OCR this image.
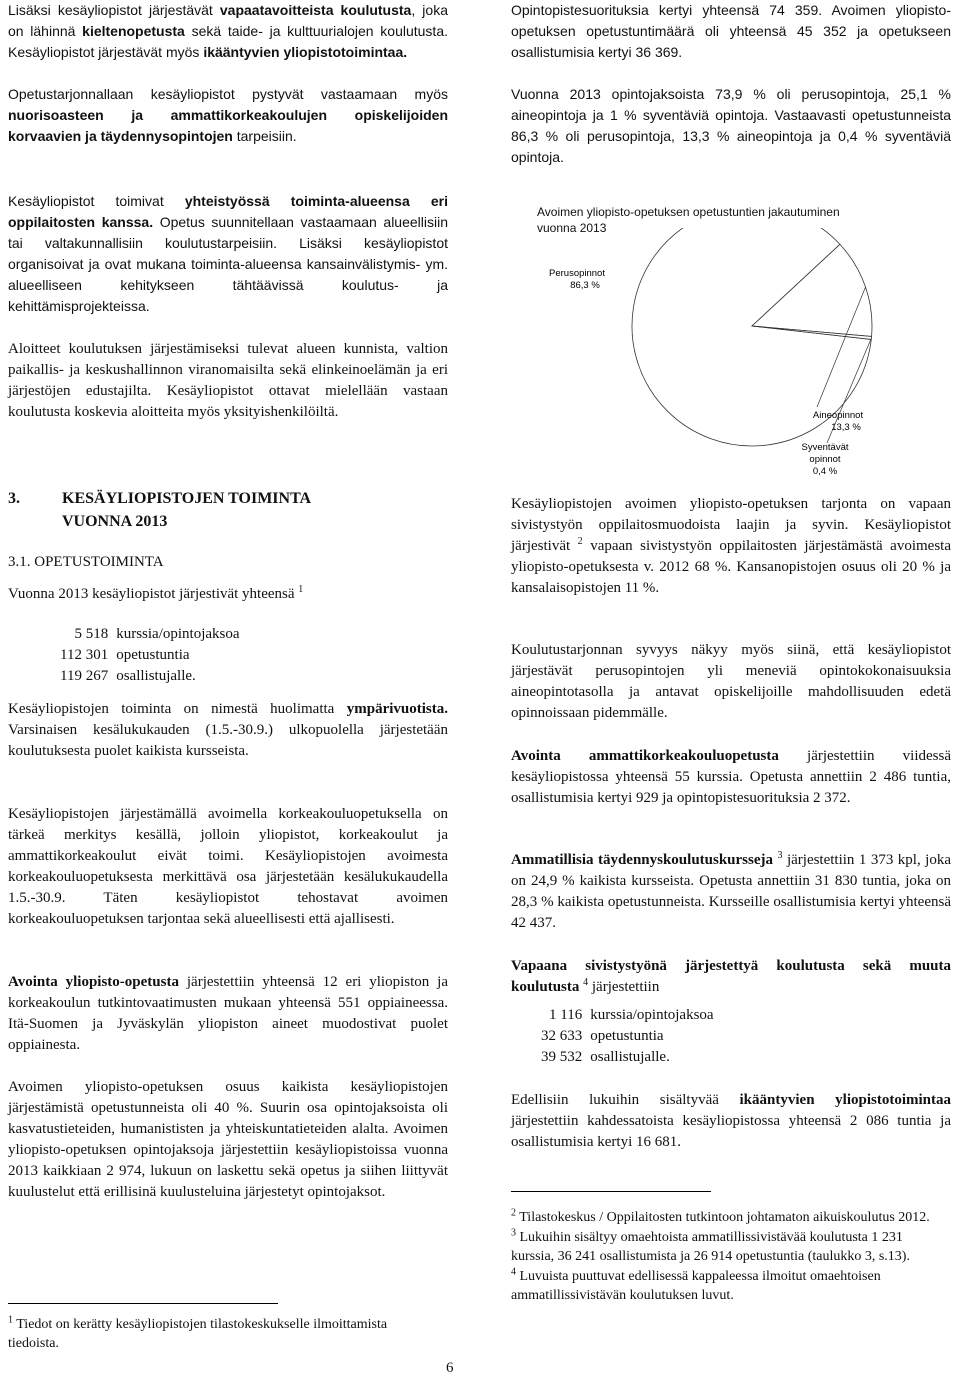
Lisäksi kesäyliopistot järjestävät vapaatavoitteista koulutusta, joka on lähinnä kieltenopetusta sekä taide- ja kulttuurialojen koulutusta. Kesäyliopistot järjestävät myös ikääntyvien yliopistotoimintaa.

Opetustarjonnallaan kesäyliopistot pystyvät vastaamaan myös nuorisoasteen ja ammattikorkeakoulujen opiskelijoiden korvaavien ja täydennysopintojen tarpeisiin.

Kesäyliopistot toimivat yhteistyössä toiminta-alueensa eri oppilaitosten kanssa. Opetus suunnitellaan vastaamaan alueellisiin tai valtakunnallisiin koulutustarpeisiin. Lisäksi kesäyliopistot organisoivat ja ovat mukana toiminta-alueensa kansainvälistymis- ym. alueelliseen kehitykseen tähtäävissä koulutus- ja kehittämisprojekteissa.

Aloitteet koulutuksen järjestämiseksi tulevat alueen kunnista, valtion paikallis- ja keskushallinnon viranomaisilta sekä elinkeinoelämän ja eri järjestöjen edustajilta. Kesäyliopistot ottavat mielellään vastaan koulutusta koskevia aloitteita myös yksityishenkilöiltä.

3.	KESÄYLIOPISTOJEN TOIMINTA
VUONNA 2013
3.1. OPETUSTOIMINTA
Vuonna 2013 kesäyliopistot järjestivät yhteensä $^1$
5 518	kurssia/opintojaksoa
112 301	opetustuntia
119 267	osallistujalle.

Kesäyliopistojen toiminta on nimestä huolimatta ympärivuotista. Varsinaisen kesälukukauden (1.5.-30.9.) ulkopuolella järjestetään koulutuksesta puolet kaikista kursseista.

Kesäyliopistojen järjestämällä avoimella korkeakouluopetuksella on tärkeä merkitys kesällä, jolloin yliopistot, korkeakoulut ja ammattikorkeakoulut eivät toimi. Kesäyliopistojen avoimesta korkeakouluopetuksesta merkittävä osa järjestetään kesälukukaudella 1.5.-30.9. Täten kesäyliopistot tehostavat avoimen korkeakouluopetuksen tarjontaa sekä alueellisesti että ajallisesti.

Avointa yliopisto-opetusta järjestettiin yhteensä 12 eri yliopiston ja korkeakoulun tutkintovaatimusten mukaan yhteensä 551 oppiaineessa. Itä-Suomen ja Jyväskylän yliopiston aineet muodostivat puolet oppiainesta.

Avoimen yliopisto-opetuksen osuus kaikista kesäyliopistojen järjestämistä opetustunneista oli 40 %. Suurin osa opintojaksoista oli kasvatustieteiden, humanististen ja yhteiskuntatieteiden alalta. Avoimen yliopisto-opetuksen opintojaksoja järjestettiin kesäyliopistoissa vuonna 2013 kaikkiaan 2 974, lukuun on laskettu sekä opetus ja siihen liittyvät kuulustelut että erillisinä kuulusteluina järjestetyt opintojaksot.

$^1$ Tiedot on kerätty kesäyliopistojen tilastokeskukselle ilmoittamista tiedoista.
6

Opintopistesuorituksia kertyi yhteensä 74 359. Avoimen yliopisto-opetuksen opetustuntimäärä oli yhteensä 45 352 ja opetukseen osallistumisia kertyi 36 369.

Vuonna 2013 opintojaksoista 73,9 % oli perusopintoja, 25,1 % aineopintoja ja 1 % syventäviä opintoja. Vastaavasti opetustunneista 86,3 % oli perusopintoja, 13,3 % aineopintoja ja 0,4 % syventäviä opintoja.

Avoimen yliopisto-opetuksen opetustuntien jakautuminen vuonna 2013
Perusopinnot 86,3 %
Aineopinnot 13,3 %
Syventävät opinnot 0,4 %

Kesäyliopistojen avoimen yliopisto-opetuksen tarjonta on vapaan sivistystyön oppilaitosmuodoista laajin ja syvin. Kesäyliopistot järjestivät $^2$ vapaan sivistystyön oppilaitosten järjestämästä avoimesta yliopisto-opetuksesta v. 2012 68 %. Kansanopistojen osuus oli 20 % ja kansalaisopistojen 11 %.

Koulutustarjonnan syvyys näkyy myös siinä, että kesäyliopistot järjestävät perusopintojen yli meneviä opintokokonaisuuksia aineopintotasolla ja antavat opiskelijoille mahdollisuuden edetä opinnoissaan pidemmälle.

Avointa ammattikorkeakouluopetusta järjestettiin viidessä kesäyliopistossa yhteensä 55 kurssia. Opetusta annettiin 2 486 tuntia, osallistumisia kertyi 929 ja opintopistesuorituksia 2 372.

Ammatillisia täydennyskoulutuskursseja $^3$ järjestettiin 1 373 kpl, joka on 24,9 % kaikista kursseista. Opetusta annettiin 31 830 tuntia, joka on 28,3 % kaikista opetustunneista. Kursseille osallistumisia kertyi yhteensä 42 437.

Vapaana sivistystyönä järjestettyä koulutusta sekä muuta koulutusta $^4$ järjestettiin

1 116	kurssia/opintojaksoa
32 633	opetustuntia
39 532	osallistujalle.

Edellisiin lukuihin sisältyvää ikääntyvien yliopistotoimintaa järjestettiin kahdessatoista kesäyliopistossa yhteensä 2 086 tuntia ja osallistumisia kertyi 16 681.

$^2$ Tilastokeskus / Oppilaitosten tutkintoon johtamaton aikuiskoulutus 2012.
$^3$ Lukuihin sisältyy omaehtoista ammatillissivistävää koulutusta 1 231 kurssia, 36 241 osallistumista ja 26 914 opetustuntia (taulukko 3, s.13).
$^4$ Luvuista puuttuvat edellisessä kappaleessa ilmoitut omaehtoisen ammatillissivistävän koulutuksen luvut.
